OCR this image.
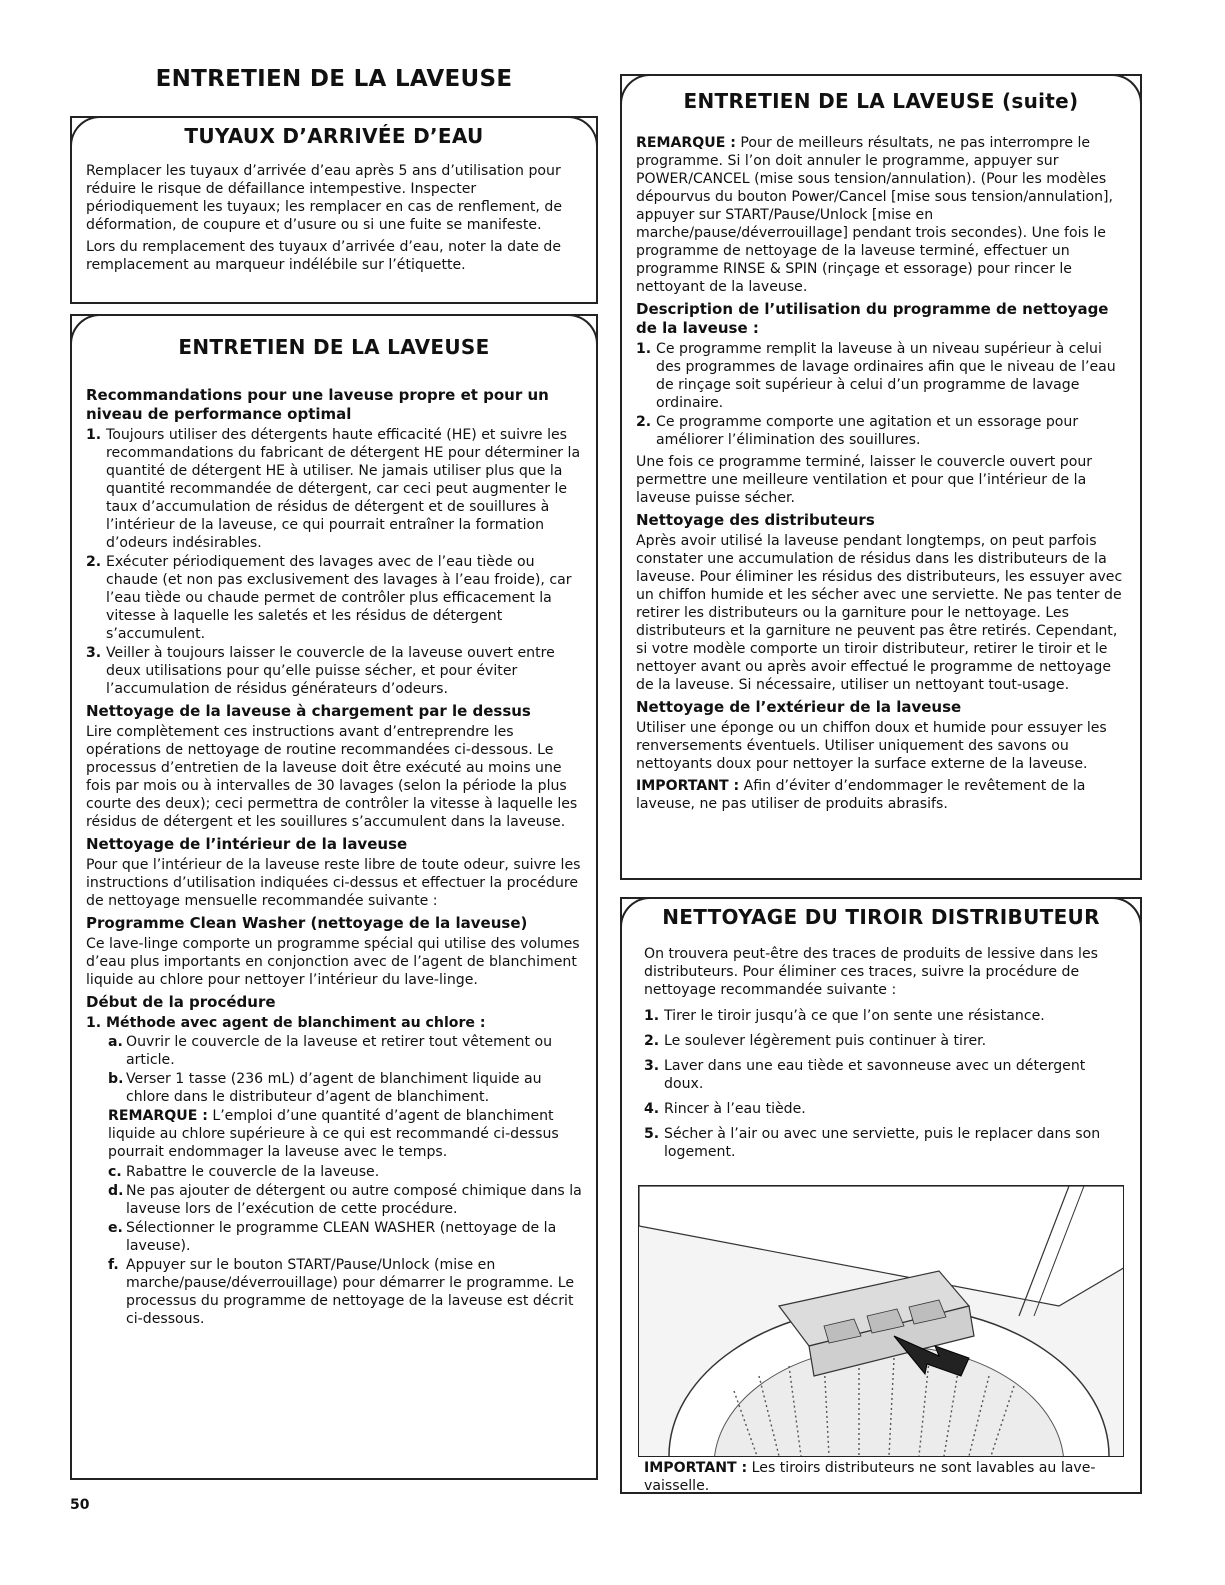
ENTRETIEN DE LA LAVEUSE
TUYAUX D’ARRIVÉE D’EAU

Remplacer les tuyaux d’arrivée d’eau après 5 ans d’utilisation pour réduire le risque de défaillance intempestive. Inspecter périodiquement les tuyaux; les remplacer en cas de renflement, de déformation, de coupure et d’usure ou si une fuite se manifeste.

Lors du remplacement des tuyaux d’arrivée d’eau, noter la date de remplacement au marqueur indélébile sur l’étiquette.

ENTRETIEN DE LA LAVEUSE
Recommandations pour une laveuse propre et pour un niveau de performance optimal
1. Toujours utiliser des détergents haute efficacité (HE) et suivre les recommandations du fabricant de détergent HE pour déterminer la quantité de détergent HE à utiliser. Ne jamais utiliser plus que la quantité recommandée de détergent, car ceci peut augmenter le taux d’accumulation de résidus de détergent et de souillures à l’intérieur de la laveuse, ce qui pourrait entraîner la formation d’odeurs indésirables.
2. Exécuter périodiquement des lavages avec de l’eau tiède ou chaude (et non pas exclusivement des lavages à l’eau froide), car l’eau tiède ou chaude permet de contrôler plus efficacement la vitesse à laquelle les saletés et les résidus de détergent s’accumulent.
3. Veiller à toujours laisser le couvercle de la laveuse ouvert entre deux utilisations pour qu’elle puisse sécher, et pour éviter l’accumulation de résidus générateurs d’odeurs.
Nettoyage de la laveuse à chargement par le dessus

Lire complètement ces instructions avant d’entreprendre les opérations de nettoyage de routine recommandées ci-dessous. Le processus d’entretien de la laveuse doit être exécuté au moins une fois par mois ou à intervalles de 30 lavages (selon la période la plus courte des deux); ceci permettra de contrôler la vitesse à laquelle les résidus de détergent et les souillures s’accumulent dans la laveuse.

Nettoyage de l’intérieur de la laveuse

Pour que l’intérieur de la laveuse reste libre de toute odeur, suivre les instructions d’utilisation indiquées ci-dessus et effectuer la procédure de nettoyage mensuelle recommandée suivante :

Programme Clean Washer (nettoyage de la laveuse)

Ce lave-linge comporte un programme spécial qui utilise des volumes d’eau plus importants en conjonction avec de l’agent de blanchiment liquide au chlore pour nettoyer l’intérieur du lave-linge.

Début de la procédure
1. Méthode avec agent de blanchiment au chlore :
a. Ouvrir le couvercle de la laveuse et retirer tout vêtement ou article.
b. Verser 1 tasse (236 mL) d’agent de blanchiment liquide au chlore dans le distributeur d’agent de blanchiment.
REMARQUE : L’emploi d’une quantité d’agent de blanchiment liquide au chlore supérieure à ce qui est recommandé ci-dessus pourrait endommager la laveuse avec le temps.
c. Rabattre le couvercle de la laveuse.
d. Ne pas ajouter de détergent ou autre composé chimique dans la laveuse lors de l’exécution de cette procédure.
e. Sélectionner le programme CLEAN WASHER (nettoyage de la laveuse).
f. Appuyer sur le bouton START/Pause/Unlock (mise en marche/pause/déverrouillage) pour démarrer le programme. Le processus du programme de nettoyage de la laveuse est décrit ci-dessous.
ENTRETIEN DE LA LAVEUSE (suite)

REMARQUE : Pour de meilleurs résultats, ne pas interrompre le programme. Si l’on doit annuler le programme, appuyer sur POWER/CANCEL (mise sous tension/annulation). (Pour les modèles dépourvus du bouton Power/Cancel [mise sous tension/annulation], appuyer sur START/Pause/Unlock [mise en marche/pause/déverrouillage] pendant trois secondes). Une fois le programme de nettoyage de la laveuse terminé, effectuer un programme RINSE & SPIN (rinçage et essorage) pour rincer le nettoyant de la laveuse.

Description de l’utilisation du programme de nettoyage de la laveuse :
1. Ce programme remplit la laveuse à un niveau supérieur à celui des programmes de lavage ordinaires afin que le niveau de l’eau de rinçage soit supérieur à celui d’un programme de lavage ordinaire.
2. Ce programme comporte une agitation et un essorage pour améliorer l’élimination des souillures.

Une fois ce programme terminé, laisser le couvercle ouvert pour permettre une meilleure ventilation et pour que l’intérieur de la laveuse puisse sécher.

Nettoyage des distributeurs

Après avoir utilisé la laveuse pendant longtemps, on peut parfois constater une accumulation de résidus dans les distributeurs de la laveuse. Pour éliminer les résidus des distributeurs, les essuyer avec un chiffon humide et les sécher avec une serviette. Ne pas tenter de retirer les distributeurs ou la garniture pour le nettoyage. Les distributeurs et la garniture ne peuvent pas être retirés. Cependant, si votre modèle comporte un tiroir distributeur, retirer le tiroir et le nettoyer avant ou après avoir effectué le programme de nettoyage de la laveuse. Si nécessaire, utiliser un nettoyant tout-usage.

Nettoyage de l’extérieur de la laveuse

Utiliser une éponge ou un chiffon doux et humide pour essuyer les renversements éventuels. Utiliser uniquement des savons ou nettoyants doux pour nettoyer la surface externe de la laveuse.

IMPORTANT : Afin d’éviter d’endommager le revêtement de la laveuse, ne pas utiliser de produits abrasifs.

NETTOYAGE DU TIROIR DISTRIBUTEUR

On trouvera peut-être des traces de produits de lessive dans les distributeurs. Pour éliminer ces traces, suivre la procédure de nettoyage recommandée suivante :

1. Tirer le tiroir jusqu’à ce que l’on sente une résistance.
2. Le soulever légèrement puis continuer à tirer.
3. Laver dans une eau tiède et savonneuse avec un détergent doux.
4. Rincer à l’eau tiède.
5. Sécher à l’air ou avec une serviette, puis le replacer dans son logement.

IMPORTANT : Les tiroirs distributeurs ne sont lavables au lave-vaisselle.

50
